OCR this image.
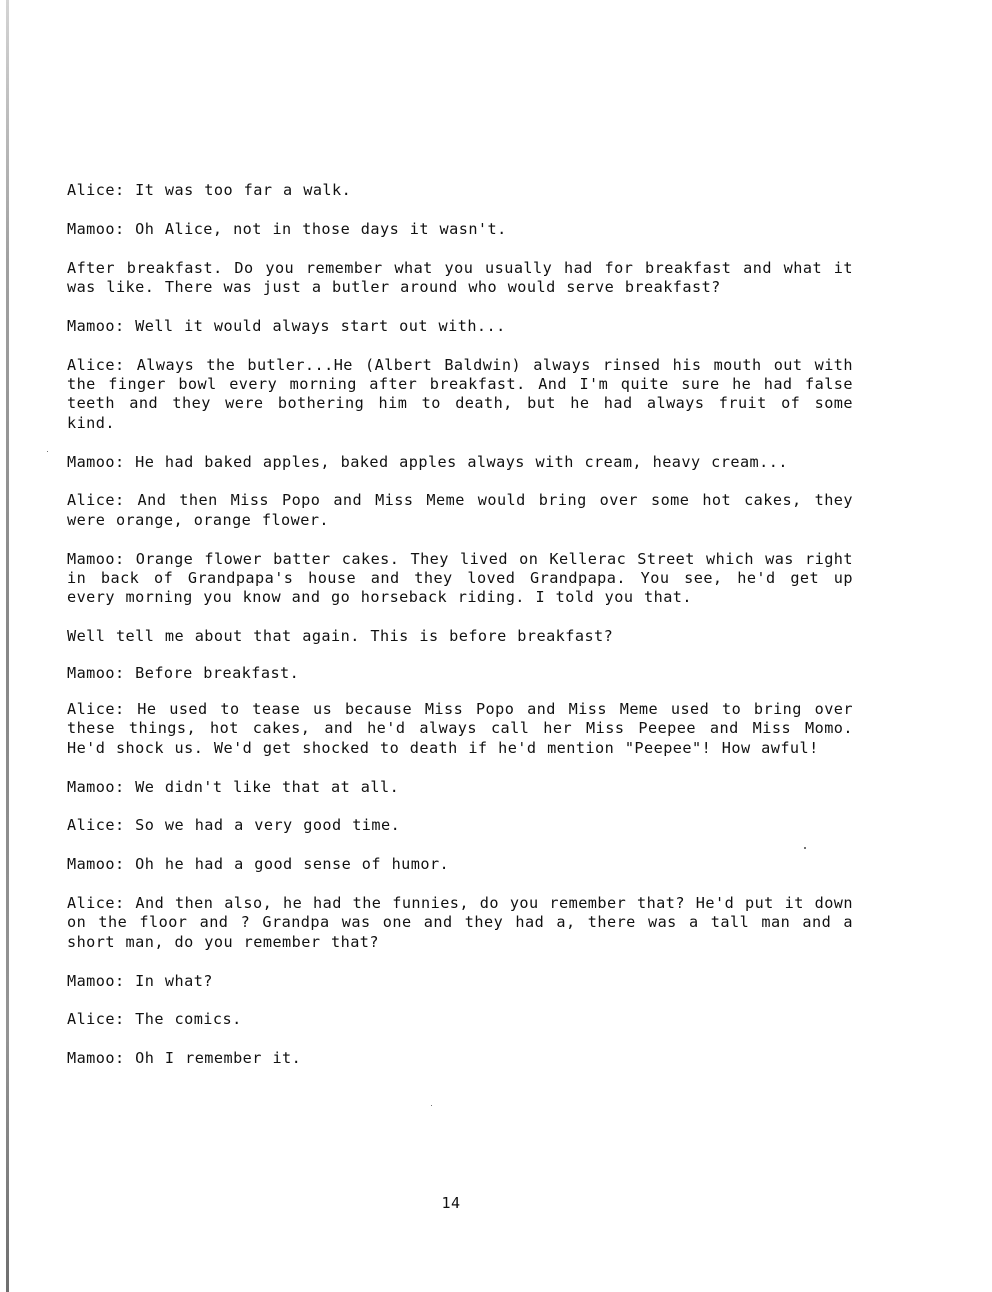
Alice: It was too far a walk.

Mamoo: Oh Alice, not in those days it wasn't.

After breakfast. Do you remember what you usually had for breakfast and what it was like. There was just a butler around who would serve breakfast?

Mamoo: Well it would always start out with...

Alice: Always the butler...He (Albert Baldwin) always rinsed his mouth out with the finger bowl every morning after breakfast. And I'm quite sure he had false teeth and they were bothering him to death, but he had always fruit of some kind.

Mamoo: He had baked apples, baked apples always with cream, heavy cream...

Alice: And then Miss Popo and Miss Meme would bring over some hot cakes, they were orange, orange flower.

Mamoo: Orange flower batter cakes. They lived on Kellerac Street which was right in back of Grandpapa's house and they loved Grandpapa. You see, he'd get up every morning you know and go horseback riding. I told you that.

Well tell me about that again. This is before breakfast?

Mamoo: Before breakfast.

Alice: He used to tease us because Miss Popo and Miss Meme used to bring over these things, hot cakes, and he'd always call her Miss Peepee and Miss Momo. He'd shock us. We'd get shocked to death if he'd mention "Peepee"! How awful!

Mamoo: We didn't like that at all.

Alice: So we had a very good time.

Mamoo: Oh he had a good sense of humor.

Alice: And then also, he had the funnies, do you remember that? He'd put it down on the floor and ? Grandpa was one and they had a, there was a tall man and a short man, do you remember that?

Mamoo: In what?

Alice: The comics.

Mamoo: Oh I remember it.

14
